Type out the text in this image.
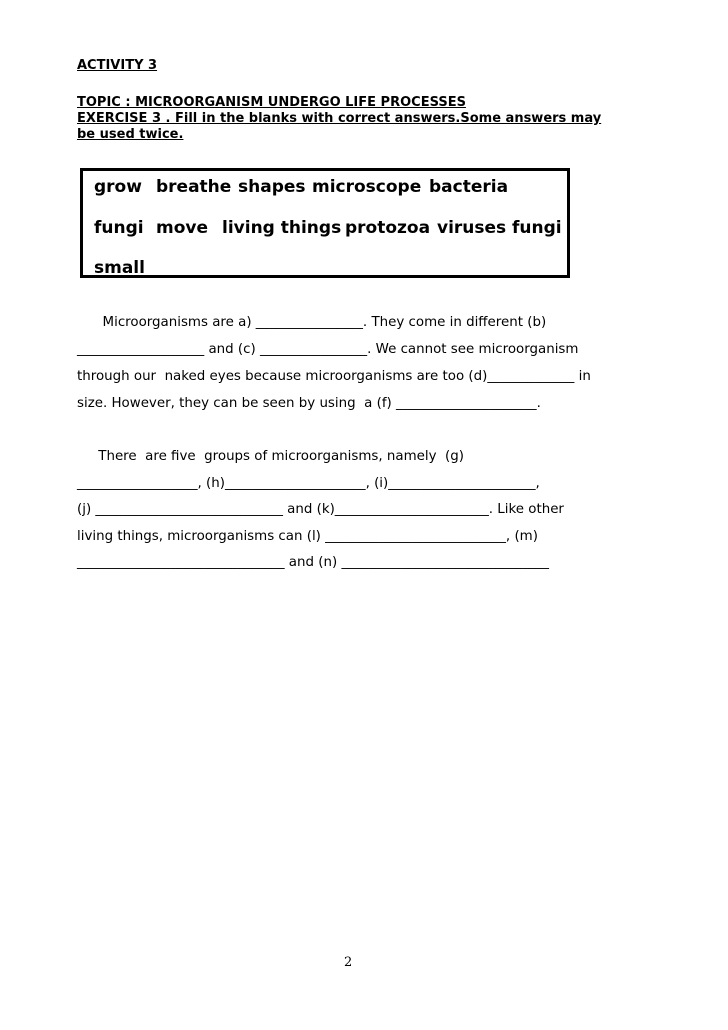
ACTIVITY 3
TOPIC : MICROORGANISM UNDERGO LIFE PROCESSES
EXERCISE 3 . Fill in the blanks with correct answers.Some answers may
be used twice.
grow breathe shapes microscope bacteria
fungi move living things protozoa viruses fungi
small
Microorganisms are a) ________________. They come in different (b)
___________________ and (c) ________________. We cannot see microorganism
through our  naked eyes because microorganisms are too (d)_____________ in
size. However, they can be seen by using  a (f) _____________________.
There  are five  groups of microorganisms, namely  (g)
__________________, (h)_____________________, (i)______________________,
(j) ____________________________ and (k)_______________________. Like other
living things, microorganisms can (l) ___________________________, (m)
_______________________________ and (n) _______________________________
2
